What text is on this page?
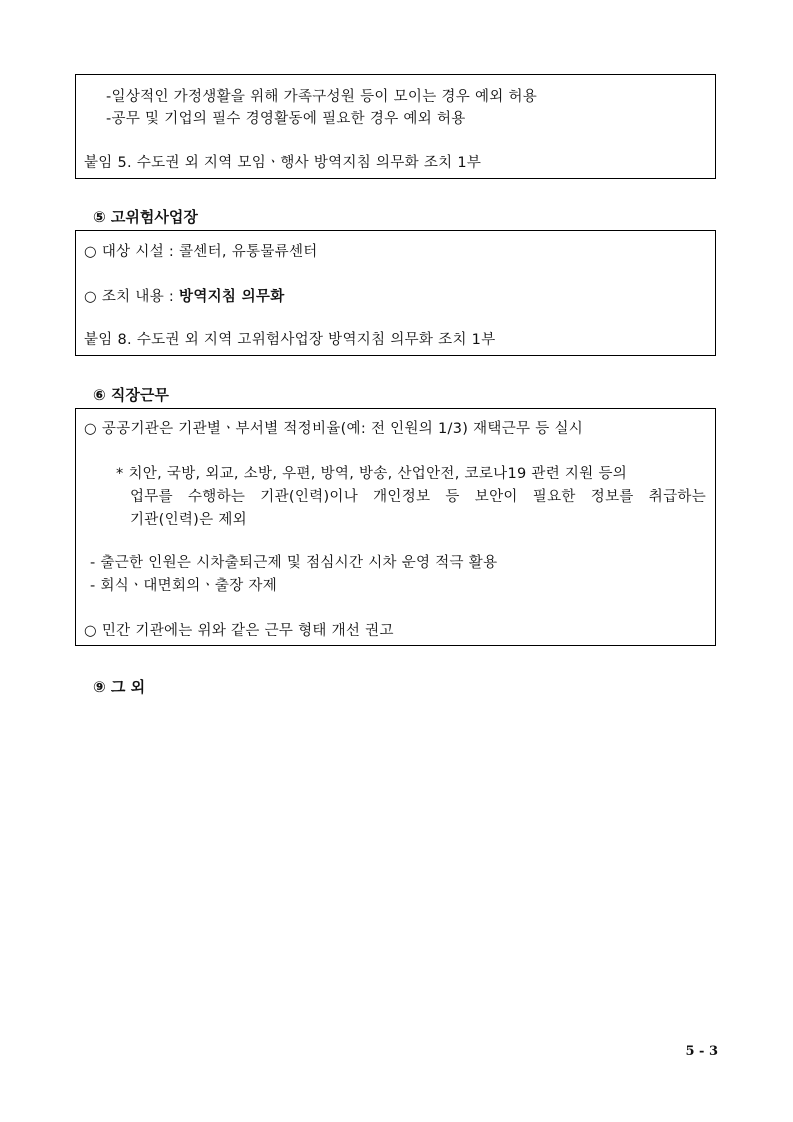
-일상적인 가정생활을 위해 가족구성원 등이 모이는 경우 예외 허용
-공무 및 기업의 필수 경영활동에 필요한 경우 예외 허용
붙임 5. 수도권 외 지역 모임ㆍ행사 방역지침 의무화 조치 1부
⑤ 고위험사업장
○ 대상 시설 : 콜센터, 유통물류센터
○ 조치 내용 : 방역지침 의무화
붙임 8. 수도권 외 지역 고위험사업장 방역지침 의무화 조치 1부
⑥ 직장근무
○ 공공기관은 기관별ㆍ부서별 적정비율(예: 전 인원의 1/3) 재택근무 등 실시
* 치안, 국방, 외교, 소방, 우편, 방역, 방송, 산업안전, 코로나19 관련 지원 등의
업무를 수행하는 기관(인력)이나 개인정보 등 보안이 필요한 정보를 취급하는
기관(인력)은 제외
- 출근한 인원은 시차출퇴근제 및 점심시간 시차 운영 적극 활용
- 회식ㆍ대면회의ㆍ출장 자제
○ 민간 기관에는 위와 같은 근무 형태 개선 권고
⑨ 그 외
5 - 3
